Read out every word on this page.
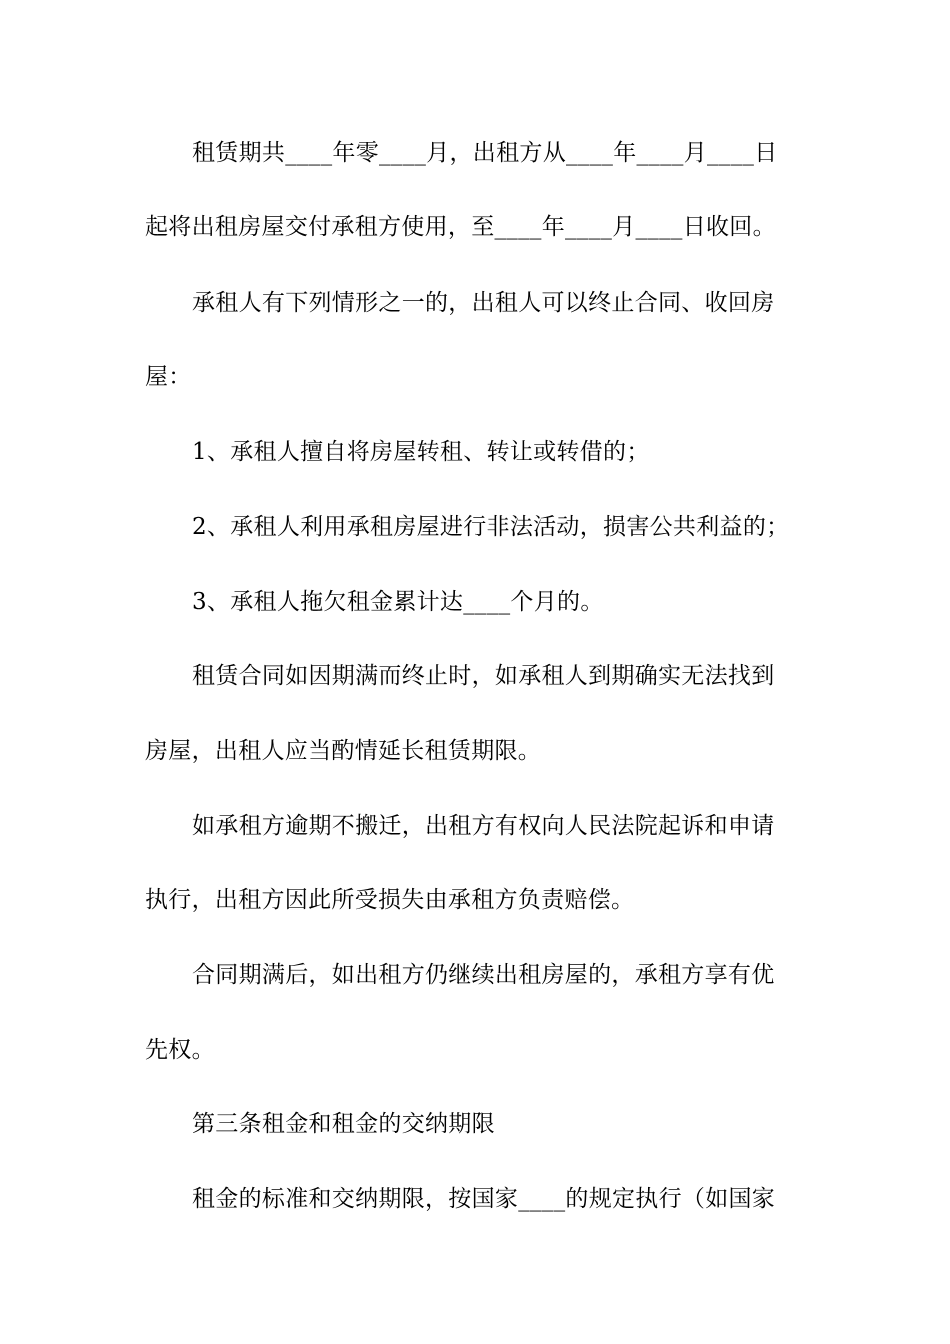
租赁期共____年零____月，出租方从____年____月____日
起将出租房屋交付承租方使用，至____年____月____日收回。
承租人有下列情形之一的，出租人可以终止合同、收回房
屋：
1、承租人擅自将房屋转租、转让或转借的；
2、承租人利用承租房屋进行非法活动，损害公共利益的；
3、承租人拖欠租金累计达____个月的。
租赁合同如因期满而终止时，如承租人到期确实无法找到
房屋，出租人应当酌情延长租赁期限。
如承租方逾期不搬迁，出租方有权向人民法院起诉和申请
执行，出租方因此所受损失由承租方负责赔偿。
合同期满后，如出租方仍继续出租房屋的，承租方享有优
先权。
第三条租金和租金的交纳期限
租金的标准和交纳期限，按国家____的规定执行（如国家
